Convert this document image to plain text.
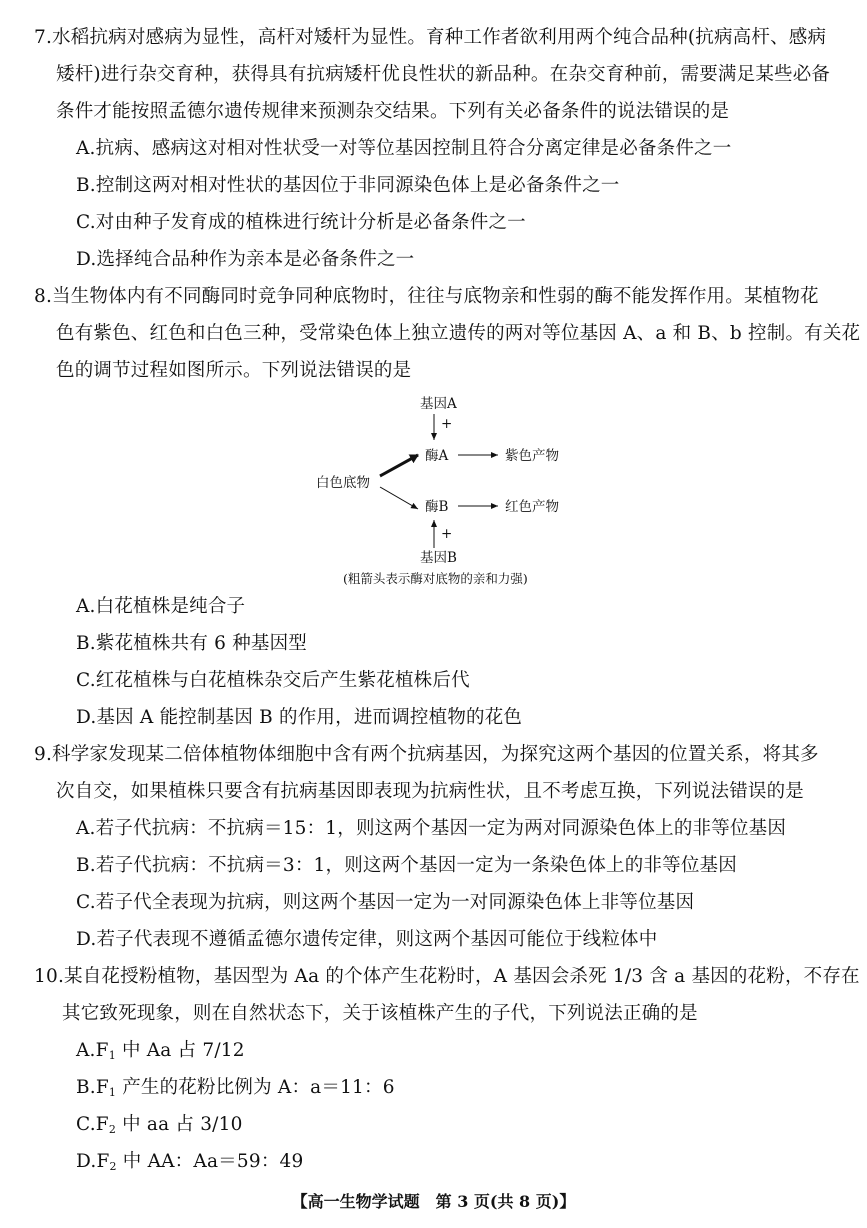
7.水稻抗病对感病为显性，高杆对矮杆为显性。育种工作者欲利用两个纯合品种(抗病高杆、感病
矮杆)进行杂交育种，获得具有抗病矮杆优良性状的新品种。在杂交育种前，需要满足某些必备
条件才能按照孟德尔遗传规律来预测杂交结果。下列有关必备条件的说法错误的是
A.抗病、感病这对相对性状受一对等位基因控制且符合分离定律是必备条件之一
B.控制这两对相对性状的基因位于非同源染色体上是必备条件之一
C.对由种子发育成的植株进行统计分析是必备条件之一
D.选择纯合品种作为亲本是必备条件之一
8.当生物体内有不同酶同时竞争同种底物时，往往与底物亲和性弱的酶不能发挥作用。某植物花
色有紫色、红色和白色三种，受常染色体上独立遗传的两对等位基因 A、a 和 B、b 控制。有关花
色的调节过程如图所示。下列说法错误的是
基因A
+
酶A	紫色产物
白色底物
酶B	红色产物
+
基因B
(粗箭头表示酶对底物的亲和力强)
A.白花植株是纯合子
B.紫花植株共有 6 种基因型
C.红花植株与白花植株杂交后产生紫花植株后代
D.基因 A 能控制基因 B 的作用，进而调控植物的花色
9.科学家发现某二倍体植物体细胞中含有两个抗病基因，为探究这两个基因的位置关系，将其多
次自交，如果植株只要含有抗病基因即表现为抗病性状，且不考虑互换，下列说法错误的是
A.若子代抗病：不抗病＝15：1，则这两个基因一定为两对同源染色体上的非等位基因
B.若子代抗病：不抗病＝3：1，则这两个基因一定为一条染色体上的非等位基因
C.若子代全表现为抗病，则这两个基因一定为一对同源染色体上非等位基因
D.若子代表现不遵循孟德尔遗传定律，则这两个基因可能位于线粒体中
10.某自花授粉植物，基因型为 Aa 的个体产生花粉时，A 基因会杀死 1/3 含 a 基因的花粉，不存在
其它致死现象，则在自然状态下，关于该植株产生的子代，下列说法正确的是
$A.F_1$ 中 Aa 占 7/12
$B.F_1$ 产生的花粉比例为 A：a＝11：6
$C.F_2$ 中 aa 占 3/10
$D.F_2$ 中 AA：Aa＝59：49
【高一生物学试题　第 3 页(共 8 页)】
